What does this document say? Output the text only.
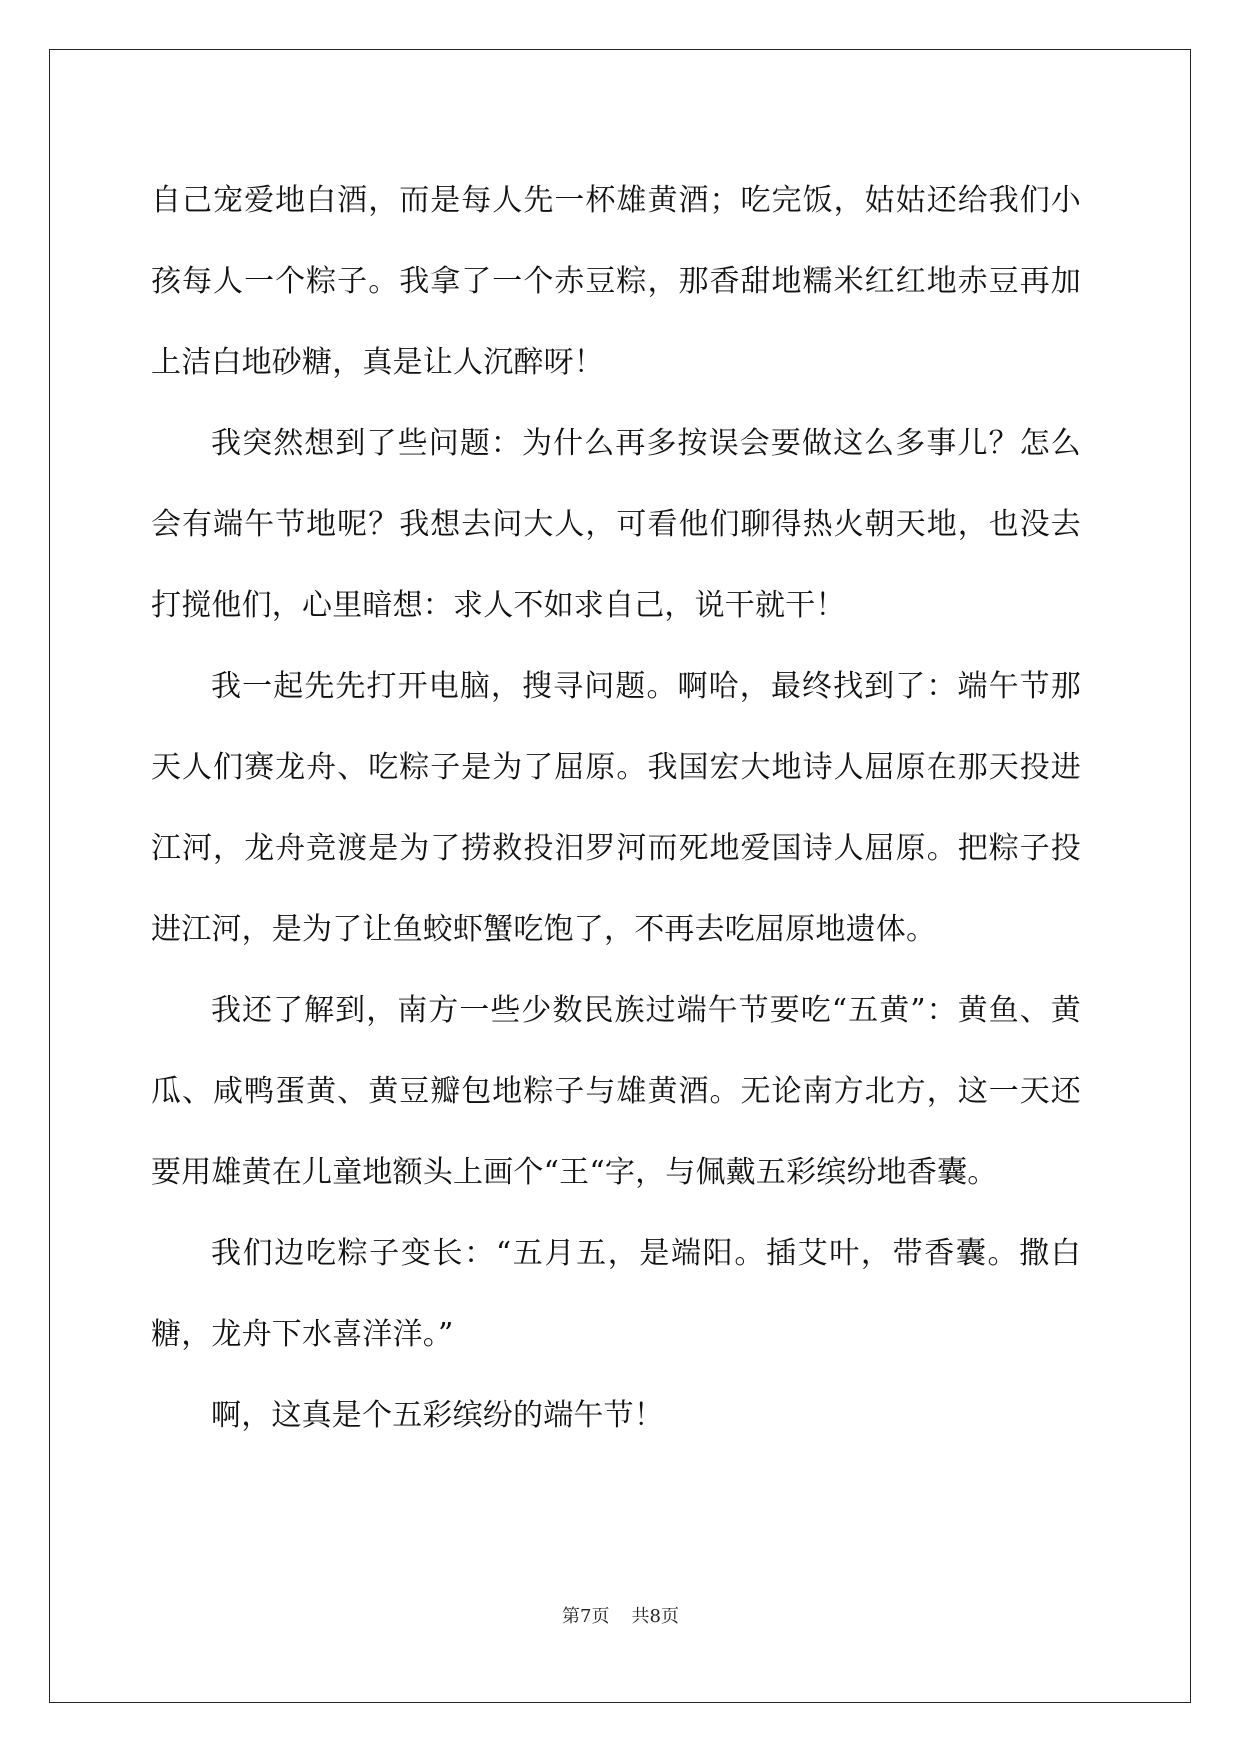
自己宠爱地白酒，而是每人先一杯雄黄酒；吃完饭，姑姑还给我们小孩每人一个粽子。我拿了一个赤豆粽，那香甜地糯米红红地赤豆再加上洁白地砂糖，真是让人沉醉呀！

我突然想到了些问题：为什么再多按误会要做这么多事儿？怎么会有端午节地呢？我想去问大人，可看他们聊得热火朝天地，也没去打搅他们，心里暗想：求人不如求自己，说干就干！

我一起先先打开电脑，搜寻问题。啊哈，最终找到了：端午节那天人们赛龙舟、吃粽子是为了屈原。我国宏大地诗人屈原在那天投进江河，龙舟竞渡是为了捞救投汨罗河而死地爱国诗人屈原。把粽子投进江河，是为了让鱼蛟虾蟹吃饱了，不再去吃屈原地遗体。

我还了解到，南方一些少数民族过端午节要吃“五黄”：黄鱼、黄瓜、咸鸭蛋黄、黄豆瓣包地粽子与雄黄酒。无论南方北方，这一天还要用雄黄在儿童地额头上画个“王“字，与佩戴五彩缤纷地香囊。

我们边吃粽子变长：“五月五，是端阳。插艾叶，带香囊。撒白糖，龙舟下水喜洋洋。”

啊，这真是个五彩缤纷的端午节！

第7页 共8页
